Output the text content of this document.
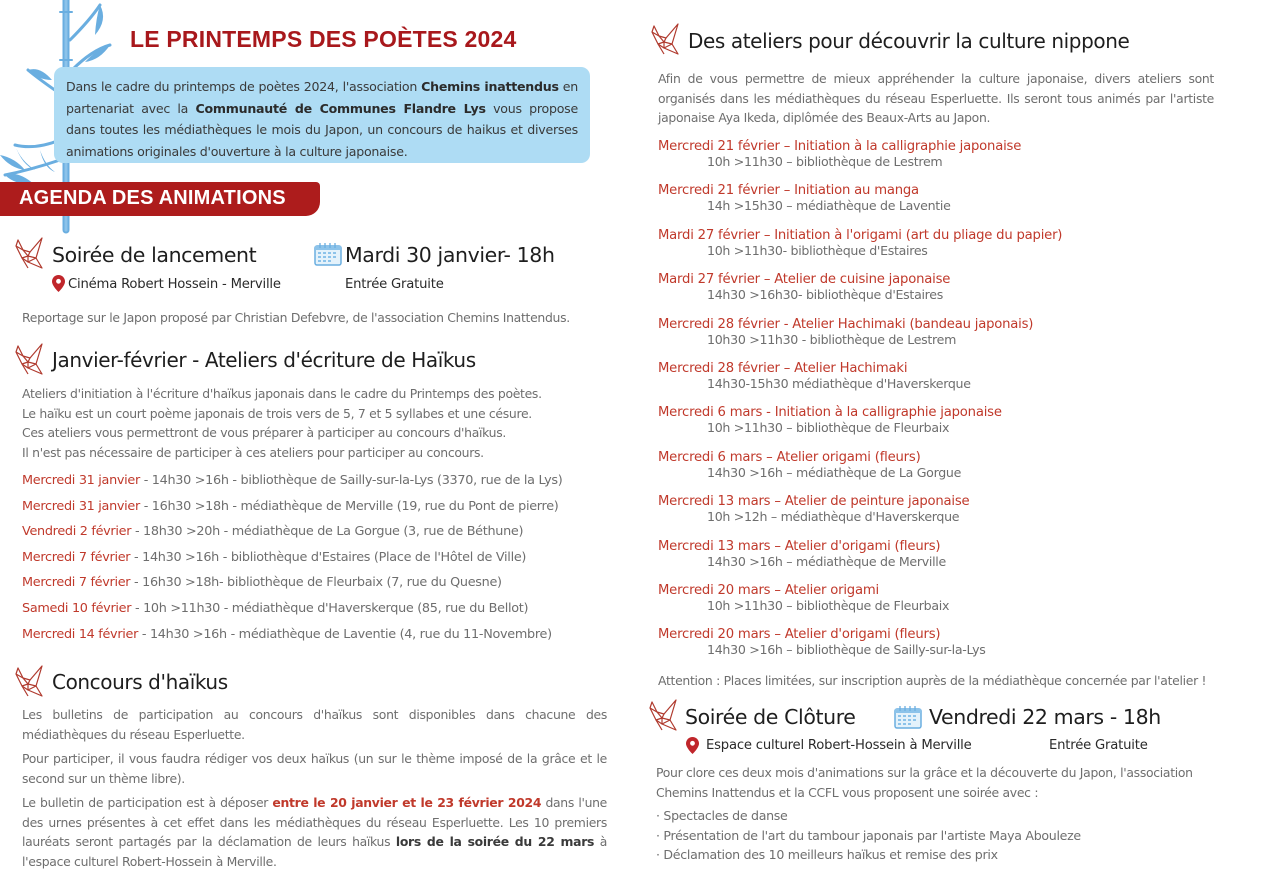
LE PRINTEMPS DES POÈTES 2024
Dans le cadre du printemps de poètes 2024, l'association Chemins inattendus en partenariat avec la Communauté de Communes Flandre Lys vous propose dans toutes les médiathèques le mois du Japon, un concours de haikus et diverses animations originales d'ouverture à la culture japonaise.
AGENDA DES ANIMATIONS
Soirée de lancement	Mardi 30 janvier- 18h
Cinéma Robert Hossein - Merville	Entrée Gratuite
Reportage sur le Japon proposé par Christian Defebvre, de l'association Chemins Inattendus.
Janvier-février - Ateliers d'écriture de Haïkus
Ateliers d'initiation à l'écriture d'haïkus japonais dans le cadre du Printemps des poètes.
Le haïku est un court poème japonais de trois vers de 5, 7 et 5 syllabes et une césure.
Ces ateliers vous permettront de vous préparer à participer au concours d'haïkus.
Il n'est pas nécessaire de participer à ces ateliers pour participer au concours.
Mercredi 31 janvier - 14h30 >16h - bibliothèque de Sailly-sur-la-Lys (3370, rue de la Lys)
Mercredi 31 janvier - 16h30 >18h - médiathèque de Merville (19, rue du Pont de pierre)
Vendredi 2 février - 18h30 >20h - médiathèque de La Gorgue (3, rue de Béthune)
Mercredi 7 février - 14h30 >16h - bibliothèque d'Estaires (Place de l'Hôtel de Ville)
Mercredi 7 février - 16h30 >18h- bibliothèque de Fleurbaix (7, rue du Quesne)
Samedi 10 février - 10h >11h30 - médiathèque d'Haverskerque (85, rue du Bellot)
Mercredi 14 février - 14h30 >16h - médiathèque de Laventie (4, rue du 11-Novembre)
Concours d'haïkus
Les bulletins de participation au concours d'haïkus sont disponibles dans chacune des médiathèques du réseau Esperluette.
Pour participer, il vous faudra rédiger vos deux haïkus (un sur le thème imposé de la grâce et le second sur un thème libre).
Le bulletin de participation est à déposer entre le 20 janvier et le 23 février 2024 dans l'une des urnes présentes à cet effet dans les médiathèques du réseau Esperluette. Les 10 premiers lauréats seront partagés par la déclamation de leurs haïkus lors de la soirée du 22 mars à l'espace culturel Robert-Hossein à Merville.
Des ateliers pour découvrir la culture nippone
Afin de vous permettre de mieux appréhender la culture japonaise, divers ateliers sont organisés dans les médiathèques du réseau Esperluette. Ils seront tous animés par l'artiste japonaise Aya Ikeda, diplômée des Beaux-Arts au Japon.
Mercredi 21 février – Initiation à la calligraphie japonaise
10h >11h30 – bibliothèque de Lestrem
Mercredi 21 février – Initiation au manga
14h >15h30 – médiathèque de Laventie
Mardi 27 février – Initiation à l'origami (art du pliage du papier)
10h >11h30- bibliothèque d'Estaires
Mardi 27 février – Atelier de cuisine japonaise
14h30 >16h30- bibliothèque d'Estaires
Mercredi 28 février - Atelier Hachimaki (bandeau japonais)
10h30 >11h30 - bibliothèque de Lestrem
Mercredi 28 février – Atelier Hachimaki
14h30-15h30 médiathèque d'Haverskerque
Mercredi 6 mars - Initiation à la calligraphie japonaise
10h >11h30 – bibliothèque de Fleurbaix
Mercredi 6 mars – Atelier origami (fleurs)
14h30 >16h – médiathèque de La Gorgue
Mercredi 13 mars – Atelier de peinture japonaise
10h >12h – médiathèque d'Haverskerque
Mercredi 13 mars – Atelier d'origami (fleurs)
14h30 >16h – médiathèque de Merville
Mercredi 20 mars – Atelier origami
10h >11h30 – bibliothèque de Fleurbaix
Mercredi 20 mars – Atelier d'origami (fleurs)
14h30 >16h – bibliothèque de Sailly-sur-la-Lys
Attention : Places limitées, sur inscription auprès de la médiathèque concernée par l'atelier !
Soirée de Clôture	Vendredi 22 mars - 18h
Espace culturel Robert-Hossein à Merville	Entrée Gratuite
Pour clore ces deux mois d'animations sur la grâce et la découverte du Japon, l'association Chemins Inattendus et la CCFL vous proposent une soirée avec :
· Spectacles de danse
· Présentation de l'art du tambour japonais par l'artiste Maya Abouleze
· Déclamation des 10 meilleurs haïkus et remise des prix
